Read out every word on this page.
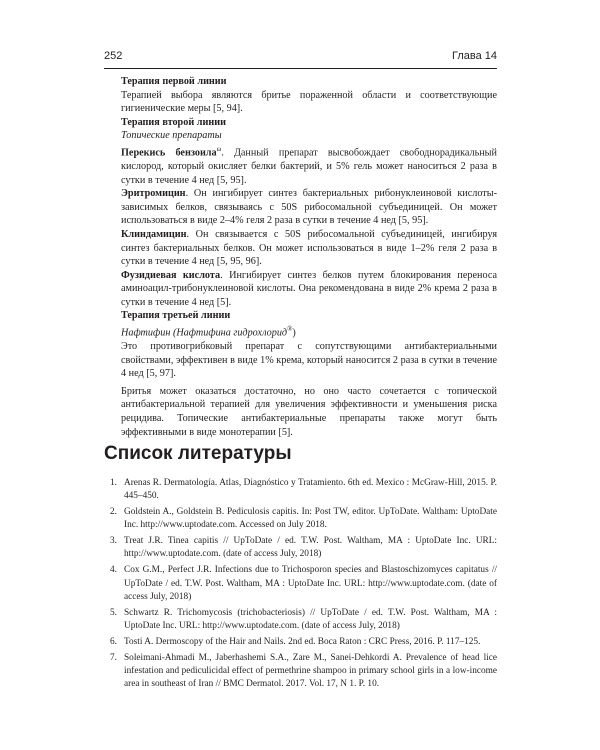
252	Глава 14

Терапия первой линии

Терапией выбора являются бритье пораженной области и соответствующие гигиенические меры [5, 94].

Терапия второй линии

Топические препараты

Перекись бензоила$^\omega$. Данный препарат высвобождает свободнорадикальный кислород, который окисляет белки бактерий, и 5% гель может наноситься 2 раза в сутки в течение 4 нед [5, 95].

Эритромицин. Он ингибирует синтез бактериальных рибонуклеиновой кислоты-зависимых белков, связываясь с 50S рибосомальной субъединицей. Он может использоваться в виде 2–4% геля 2 раза в сутки в течение 4 нед [5, 95].

Клиндамицин. Он связывается с 50S рибосомальной субъединицей, ингибируя синтез бактериальных белков. Он может использоваться в виде 1–2% геля 2 раза в сутки в течение 4 нед [5, 95, 96].

Фузидиевая кислота. Ингибирует синтез белков путем блокирования переноса аминоацил-трибонуклеиновой кислоты. Она рекомендована в виде 2% крема 2 раза в сутки в течение 4 нед [5].

Терапия третьей линии

Нафтифин (Нафтифина гидрохлорид®)

Это противогрибковый препарат с сопутствующими антибактериальными свойствами, эффективен в виде 1% крема, который наносится 2 раза в сутки в течение 4 нед [5, 97].

Бритья может оказаться достаточно, но оно часто сочетается с топической антибактериальной терапией для увеличения эффективности и уменьшения риска рецидива. Топические антибактериальные препараты также могут быть эффективными в виде монотерапии [5].

Список литературы
1. Arenas R. Dermatología. Atlas, Diagnóstico y Tratamiento. 6th ed. Mexico : McGraw-Hill, 2015. P. 445–450.
2. Goldstein A., Goldstein B. Pediculosis capitis. In: Post TW, editor. UpToDate. Waltham: UptoDate Inc. http://www.uptodate.com. Accessed on July 2018.
3. Treat J.R. Tinea capitis // UpToDate / ed. T.W. Post. Waltham, MA : UptoDate Inc. URL: http://www.uptodate.com. (date of access July, 2018)
4. Cox G.M., Perfect J.R. Infections due to Trichosporon species and Blastoschizomyces capitatus // UpToDate / ed. T.W. Post. Waltham, MA : UptoDate Inc. URL: http://www.uptodate.com. (date of access July, 2018)
5. Schwartz R. Trichomycosis (trichobacteriosis) // UpToDate / ed. T.W. Post. Waltham, MA : UptoDate Inc. URL: http://www.uptodate.com. (date of access July, 2018)
6. Tosti A. Dermoscopy of the Hair and Nails. 2nd ed. Boca Raton : CRC Press, 2016. P. 117–125.
7. Soleimani-Ahmadi M., Jaberhashemi S.A., Zare M., Sanei-Dehkordi A. Prevalence of head lice infestation and pediculicidal effect of permethrine shampoo in primary school girls in a low-income area in southeast of Iran // BMC Dermatol. 2017. Vol. 17, N 1. P. 10.
